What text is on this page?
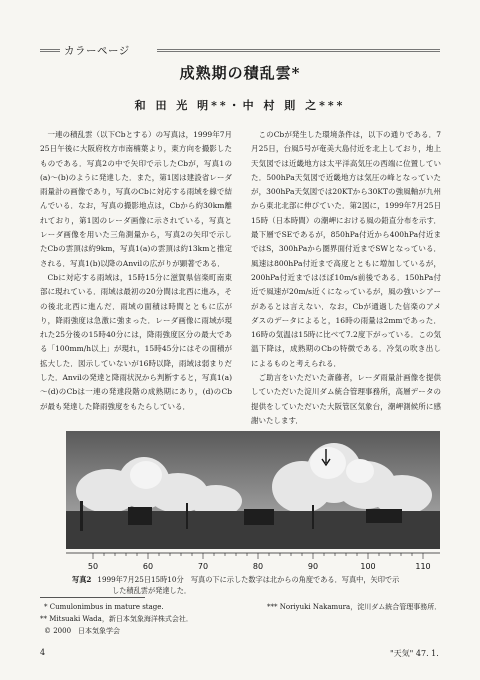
カラーページ
成熟期の積乱雲*
和 田 光 明**・中 村 則 之***

一連の積乱雲（以下Cbとする）の写真は，1999年7月25日午後に大阪府枚方市南楠葉より，東方向を撮影したものである．写真2の中で矢印で示したCbが，写真1の(a)～(b)のように発達した．また，第1図は建設省レーダ雨量計の画像であり，写真のCbに対応する雨域を線で結んでいる．なお，写真の撮影地点は，Cbから約30km離れており，第1図のレーダ画像に示されている，写真とレーダ画像を用いた三角測量から，写真2の矢印で示したCbの雲頂は約9km，写真1(a)の雲頂は約13kmと推定される．写真1(b)以降のAnvilの広がりが顕著である．

Cbに対応する雨域は，15時15分に滋賀県信楽町南東部に現れている．雨域は最初の20分間は北西に進み，その後北北西に進んだ．雨域の面積は時間とともに広がり，降雨強度は急激に強まった．レーダ画像に雨域が現れた25分後の15時40分には，降雨強度区分の最大である「100mm/h以上」が現れ，15時45分にはその面積が拡大した．図示していないが16時以降，雨域は弱まりだした．Anvilの発達と降雨状況から判断すると，写真1(a)～(d)のCbは一連の発達段階の成熟期にあり，(d)のCbが最も発達した降雨強度をもたらしている．

このCbが発生した環境条件は，以下の通りである．7月25日，台風5号が奄美大島付近を北上しており，地上天気図では近畿地方は太平洋高気圧の西端に位置していた．500hPa天気図で近畿地方は気圧の峰となっていたが，300hPa天気図では20KTから30KTの強風軸が九州から東北北部に伸びていた．第2図に，1999年7月25日15時（日本時間）の潮岬における風の鉛直分布を示す．最下層でSEであるが，850hPa付近から400hPa付近まではS，300hPaから圏界面付近までSWとなっている．風速は800hPa付近まで高度とともに増加しているが，200hPa付近まではほぼ10m/s前後である．150hPa付近で風速が20m/s近くになっているが，風の強いシアーがあるとは言えない．なお，Cbが通過した信楽のアメダスのデータによると，16時の雨量は2mmであった．16時の気温は15時に比べて7.2度下がっている．この気温下降は，成熟期のCbの特徴である．冷気の吹き出しによるものと考えられる．

ご助言をいただいた斎藤者，レーダ雨量計画像を提供していただいた淀川ダム統合管理事務所，高層データの提供をしていただいた大阪管区気象台，潮岬測候所に感謝いたします．

50	60	70	80	90	100	110
写真2 1999年7月25日15時10分　写真の下に示した数字は北からの角度である．写真中，矢印で示
した積乱雲が発達した．
* Cumulonimbus in mature stage.
** Mitsuaki Wada，新日本気象海洋株式会社．
*** Noriyuki Nakamura，淀川ダム統合管理事務所．
© 2000　日本気象学会
4	"天気" 47. 1.
